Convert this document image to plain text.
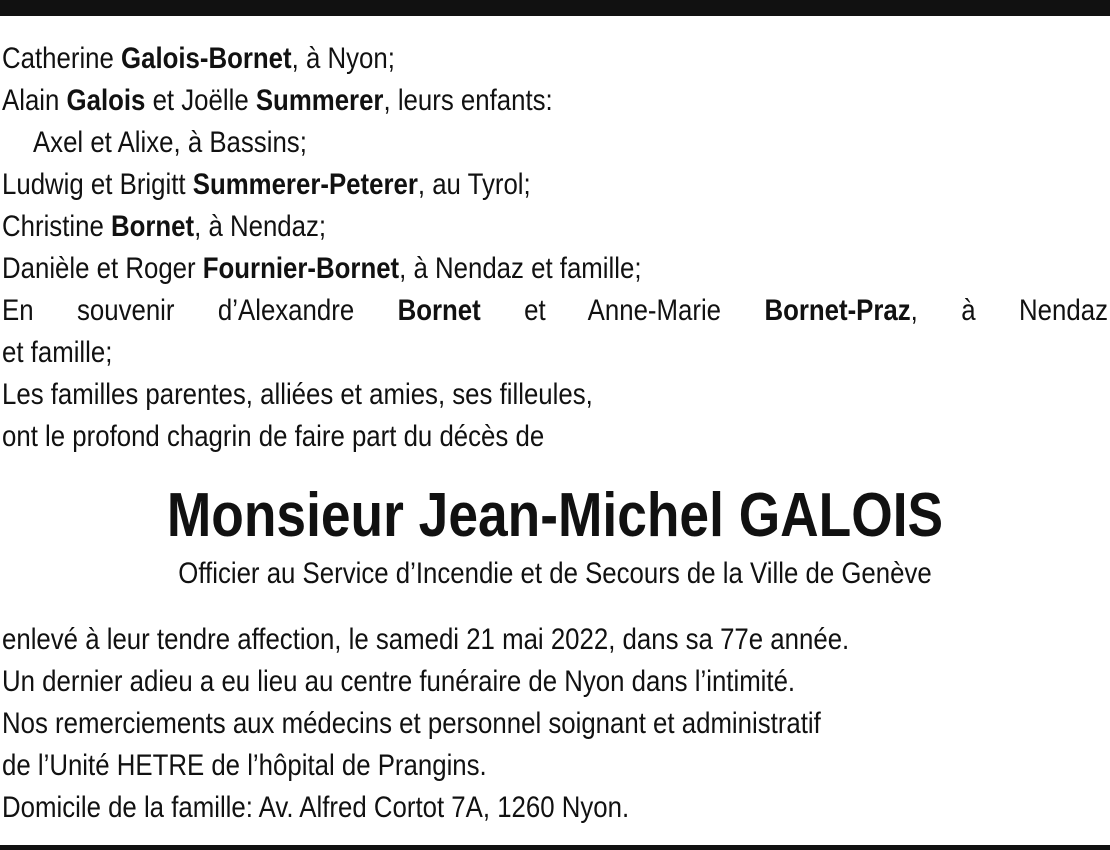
Catherine Galois-Bornet, à Nyon;
Alain Galois et Joëlle Summerer, leurs enfants:
Axel et Alixe, à Bassins;
Ludwig et Brigitt Summerer-Peterer, au Tyrol;
Christine Bornet, à Nendaz;
Danièle et Roger Fournier-Bornet, à Nendaz et famille;
En souvenir d’Alexandre Bornet et Anne-Marie Bornet-Praz, à Nendaz
et famille;
Les familles parentes, alliées et amies, ses filleules,
ont le profond chagrin de faire part du décès de
Monsieur Jean-Michel GALOIS
Officier au Service d’Incendie et de Secours de la Ville de Genève
enlevé à leur tendre affection, le samedi 21 mai 2022, dans sa 77e année.
Un dernier adieu a eu lieu au centre funéraire de Nyon dans l’intimité.
Nos remerciements aux médecins et personnel soignant et administratif
de l’Unité HETRE de l’hôpital de Prangins.
Domicile de la famille: Av. Alfred Cortot 7A, 1260 Nyon.
